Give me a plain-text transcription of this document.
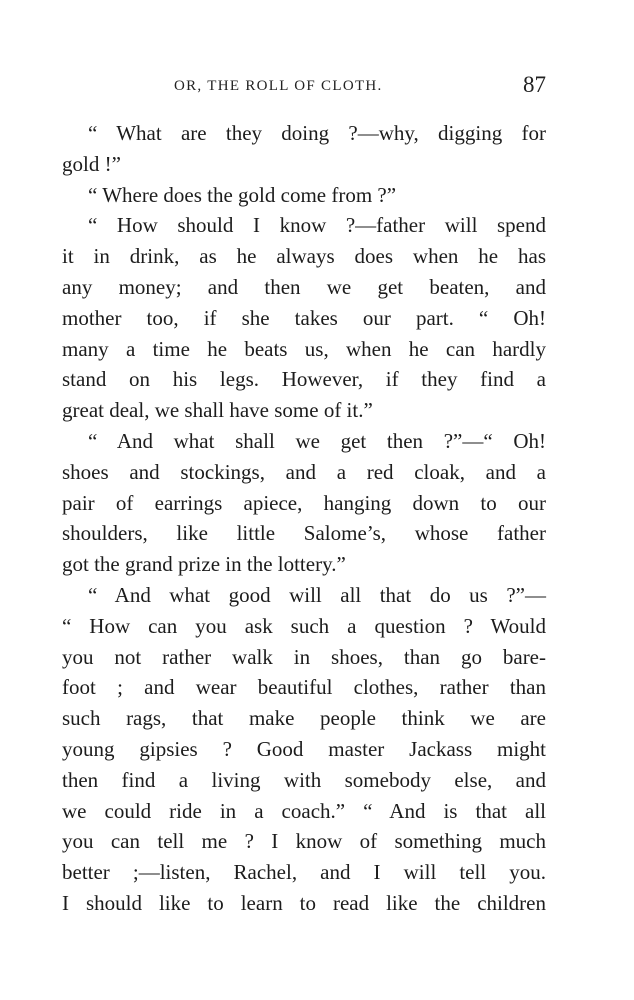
OR, THE ROLL OF CLOTH.	87
“ What are they doing ?—why, digging for
gold !”
“ Where does the gold come from ?”
“ How should I know ?—father will spend
it in drink, as he always does when he has
any money; and then we get beaten, and
mother too, if she takes our part. “ Oh!
many a time he beats us, when he can hardly
stand on his legs. However, if they find a
great deal, we shall have some of it.”
“ And what shall we get then ?”—“ Oh!
shoes and stockings, and a red cloak, and a
pair of earrings apiece, hanging down to our
shoulders, like little Salome’s, whose father
got the grand prize in the lottery.”
“ And what good will all that do us ?”—
“ How can you ask such a question ? Would
you not rather walk in shoes, than go bare-
foot ; and wear beautiful clothes, rather than
such rags, that make people think we are
young gipsies ? Good master Jackass might
then find a living with somebody else, and
we could ride in a coach.” “ And is that all
you can tell me ? I know of something much
better ;—listen, Rachel, and I will tell you.
I should like to learn to read like the children
